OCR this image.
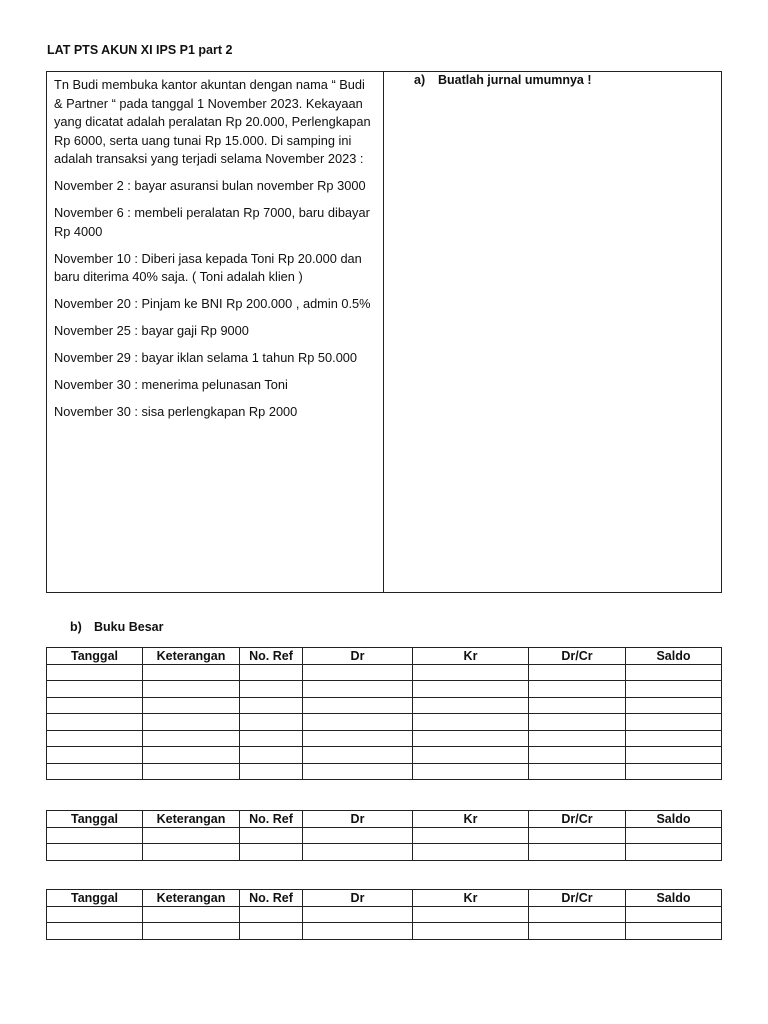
LAT PTS AKUN XI IPS P1 part 2

Tn Budi membuka kantor akuntan dengan nama “ Budi & Partner “ pada tanggal 1 November 2023. Kekayaan yang dicatat adalah peralatan Rp 20.000, Perlengkapan Rp 6000, serta uang tunai Rp 15.000. Di samping ini adalah transaksi yang terjadi selama November 2023 :

November 2 : bayar asuransi bulan november Rp 3000

November 6 : membeli peralatan Rp 7000, baru dibayar Rp 4000

November 10 : Diberi jasa kepada Toni Rp 20.000 dan baru diterima 40% saja. ( Toni adalah klien )

November 20 : Pinjam ke BNI Rp 200.000 , admin 0.5%

November 25 : bayar gaji Rp 9000

November 29 : bayar iklan selama 1 tahun Rp 50.000

November 30 : menerima pelunasan Toni

November 30 : sisa perlengkapan Rp 2000

a)	Buatlah jurnal umumnya !
b) Buku Besar
Tanggal	Keterangan	No. Ref	Dr	Kr	Dr/Cr	Saldo

Tanggal	Keterangan	No. Ref	Dr	Kr	Dr/Cr	Saldo

Tanggal	Keterangan	No. Ref	Dr	Kr	Dr/Cr	Saldo
